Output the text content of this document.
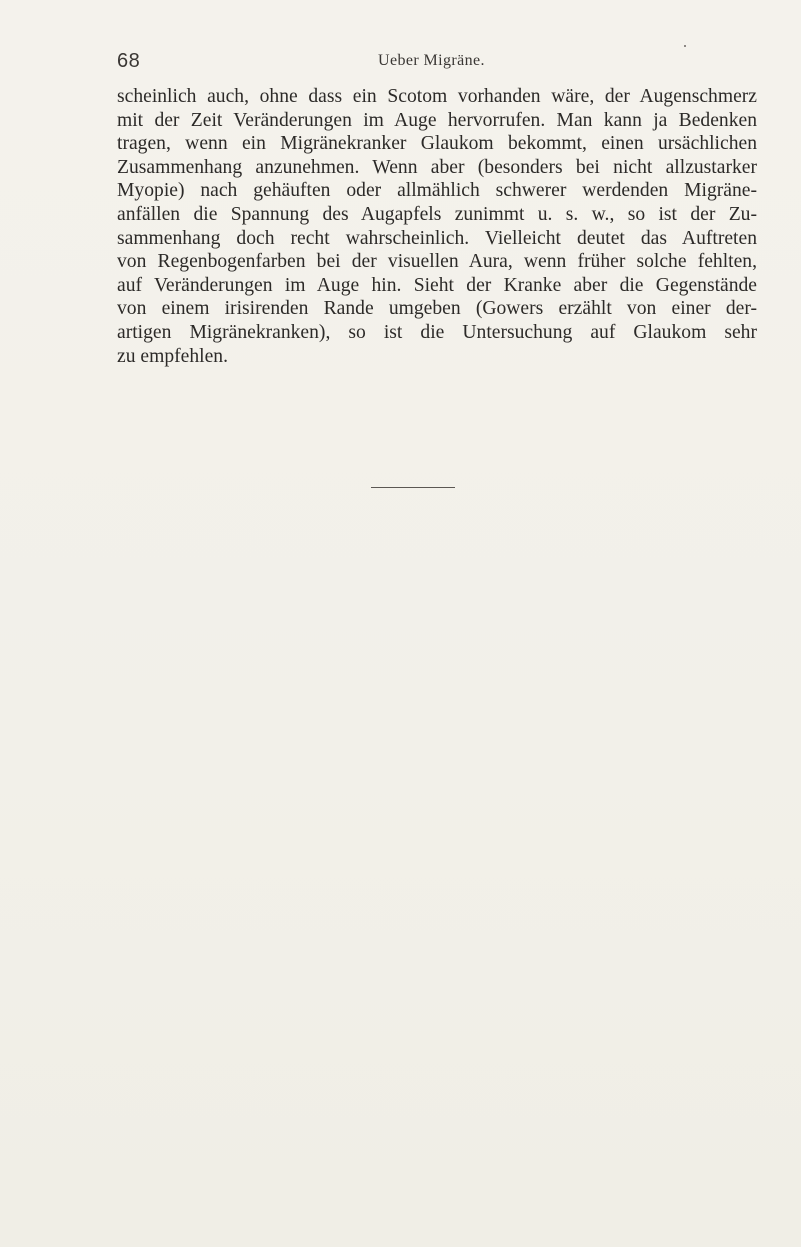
68	Ueber Migräne.
scheinlich auch, ohne dass ein Scotom vorhanden wäre, der Augenschmerz
mit der Zeit Veränderungen im Auge hervorrufen. Man kann ja Bedenken
tragen, wenn ein Migränekranker Glaukom bekommt, einen ursächlichen
Zusammenhang anzunehmen. Wenn aber (besonders bei nicht allzustarker
Myopie) nach gehäuften oder allmählich schwerer werdenden Migräne-
anfällen die Spannung des Augapfels zunimmt u. s. w., so ist der Zu-
sammenhang doch recht wahrscheinlich. Vielleicht deutet das Auftreten
von Regenbogenfarben bei der visuellen Aura, wenn früher solche fehlten,
auf Veränderungen im Auge hin. Sieht der Kranke aber die Gegenstände
von einem irisirenden Rande umgeben (Gowers erzählt von einer der-
artigen Migränekranken), so ist die Untersuchung auf Glaukom sehr
zu empfehlen.
